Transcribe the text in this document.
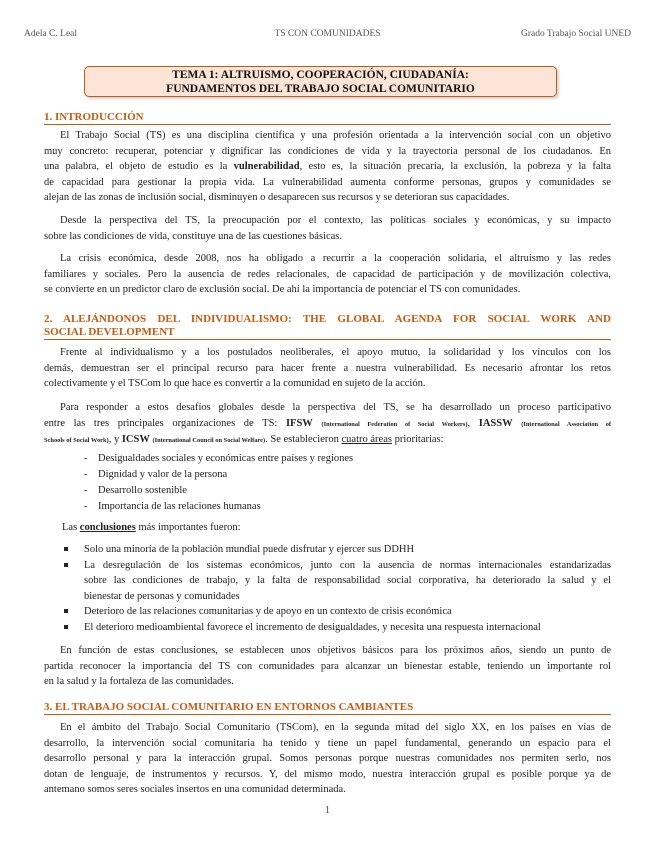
Adela C. Leal	TS CON COMUNIDADES	Grado Trabajo Social UNED
TEMA 1: ALTRUISMO, COOPERACIÓN, CIUDADANÍA:
FUNDAMENTOS DEL TRABAJO SOCIAL COMUNITARIO
1. INTRODUCCIÓN
El Trabajo Social (TS) es una disciplina científica y una profesión orientada a la intervención social con un objetivo
muy concreto: recuperar, potenciar y dignificar las condiciones de vida y la trayectoria personal de los ciudadanos. En
una palabra, el objeto de estudio es la vulnerabilidad, esto es, la situación precaria, la exclusión, la pobreza y la falta
de capacidad para gestionar la propia vida. La vulnerabilidad aumenta conforme personas, grupos y comunidades se
alejan de las zonas de inclusión social, disminuyen o desaparecen sus recursos y se deterioran sus capacidades.
Desde la perspectiva del TS, la preocupación por el contexto, las políticas sociales y económicas, y su impacto
sobre las condiciones de vida, constituye una de las cuestiones básicas.
La crisis económica, desde 2008, nos ha obligado a recurrir a la cooperación solidaria, el altruismo y las redes
familiares y sociales. Pero la ausencia de redes relacionales, de capacidad de participación y de movilización colectiva,
se convierte en un predictor claro de exclusión social. De ahí la importancia de potenciar el TS con comunidades.
2. ALEJÁNDONOS DEL INDIVIDUALISMO: THE GLOBAL AGENDA FOR SOCIAL WORK AND
SOCIAL DEVELOPMENT
Frente al individualismo y a los postulados neoliberales, el apoyo mutuo, la solidaridad y los vínculos con los
demás, demuestran ser el principal recurso para hacer frente a nuestra vulnerabilidad. Es necesario afrontar los retos
colectivamente y el TSCom lo que hace es convertir a la comunidad en sujeto de la acción.
Para responder a estos desafíos globales desde la perspectiva del TS, se ha desarrollado un proceso participativo
entre las tres principales organizaciones de TS: IFSW (International Federation of Social Workers), IASSW (International Association of
Schools of Social Work), y ICSW (International Council on Social Welfare). Se establecieron cuatro áreas prioritarias:
- Desigualdades sociales y económicas entre países y regiones
- Dignidad y valor de la persona
- Desarrollo sostenible
- Importancia de las relaciones humanas
Las conclusiones más importantes fueron:
Solo una minoría de la población mundial puede disfrutar y ejercer sus DDHH
La desregulación de los sistemas económicos, junto con la ausencia de normas internacionales estandarizadas
sobre las condiciones de trabajo, y la falta de responsabilidad social corporativa, ha deteriorado la salud y el
bienestar de personas y comunidades
Deterioro de las relaciones comunitarias y de apoyo en un contexto de crisis económica
El deterioro medioambiental favorece el incremento de desigualdades, y necesita una respuesta internacional
En función de estas conclusiones, se establecen unos objetivos básicos para los próximos años, siendo un punto de
partida reconocer la importancia del TS con comunidades para alcanzar un bienestar estable, teniendo un importante rol
en la salud y la fortaleza de las comunidades.
3. EL TRABAJO SOCIAL COMUNITARIO EN ENTORNOS CAMBIANTES
En el ámbito del Trabajo Social Comunitario (TSCom), en la segunda mitad del siglo XX, en los países en vías de
desarrollo, la intervención social comunitaria ha tenido y tiene un papel fundamental, generando un espacio para el
desarrollo personal y para la interacción grupal. Somos personas porque nuestras comunidades nos permiten serlo, nos
dotan de lenguaje, de instrumentos y recursos. Y, del mismo modo, nuestra interacción grupal es posible porque ya de
antemano somos seres sociales insertos en una comunidad determinada.
1
